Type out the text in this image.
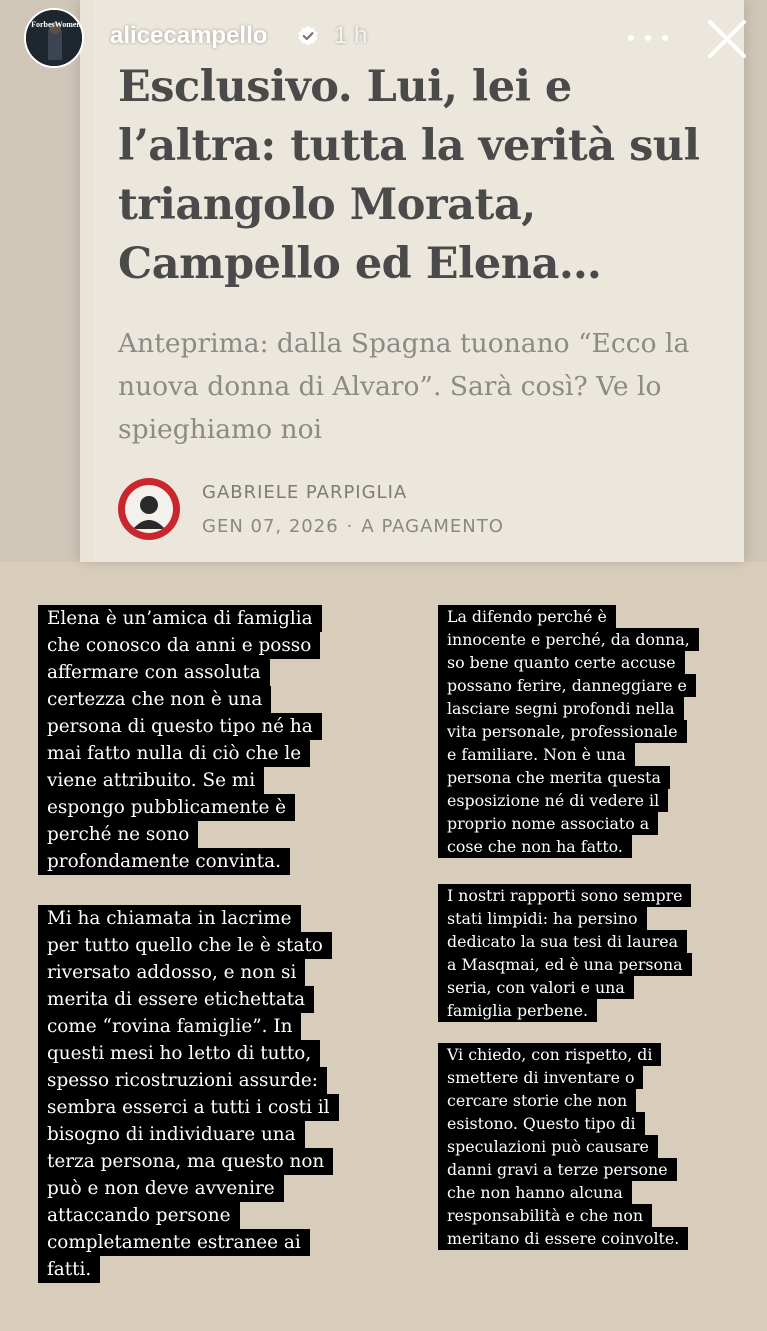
Esclusivo. Lui, lei e l’altra: tutta la verità sul triangolo Morata, Campello ed Elena…
Anteprima: dalla Spagna tuonano “Ecco la nuova donna di Alvaro”. Sarà così? Ve lo spieghiamo noi
GABRIELE PARPIGLIA
GEN 07, 2026 · A PAGAMENTO
ForbesWomen alicecampello	1 h
Elena è un’amica di famiglia
che conosco da anni e posso
affermare con assoluta
certezza che non è una
persona di questo tipo né ha
mai fatto nulla di ciò che le
viene attribuito. Se mi
espongo pubblicamente è
perché ne sono
profondamente convinta.
Mi ha chiamata in lacrime
per tutto quello che le è stato
riversato addosso, e non si
merita di essere etichettata
come “rovina famiglie”. In
questi mesi ho letto di tutto,
spesso ricostruzioni assurde:
sembra esserci a tutti i costi il
bisogno di individuare una
terza persona, ma questo non
può e non deve avvenire
attaccando persone
completamente estranee ai
fatti.
La difendo perché è
innocente e perché, da donna,
so bene quanto certe accuse
possano ferire, danneggiare e
lasciare segni profondi nella
vita personale, professionale
e familiare. Non è una
persona che merita questa
esposizione né di vedere il
proprio nome associato a
cose che non ha fatto.
I nostri rapporti sono sempre
stati limpidi: ha persino
dedicato la sua tesi di laurea
a Masqmai, ed è una persona
seria, con valori e una
famiglia perbene.
Vi chiedo, con rispetto, di
smettere di inventare o
cercare storie che non
esistono. Questo tipo di
speculazioni può causare
danni gravi a terze persone
che non hanno alcuna
responsabilità e che non
meritano di essere coinvolte.
